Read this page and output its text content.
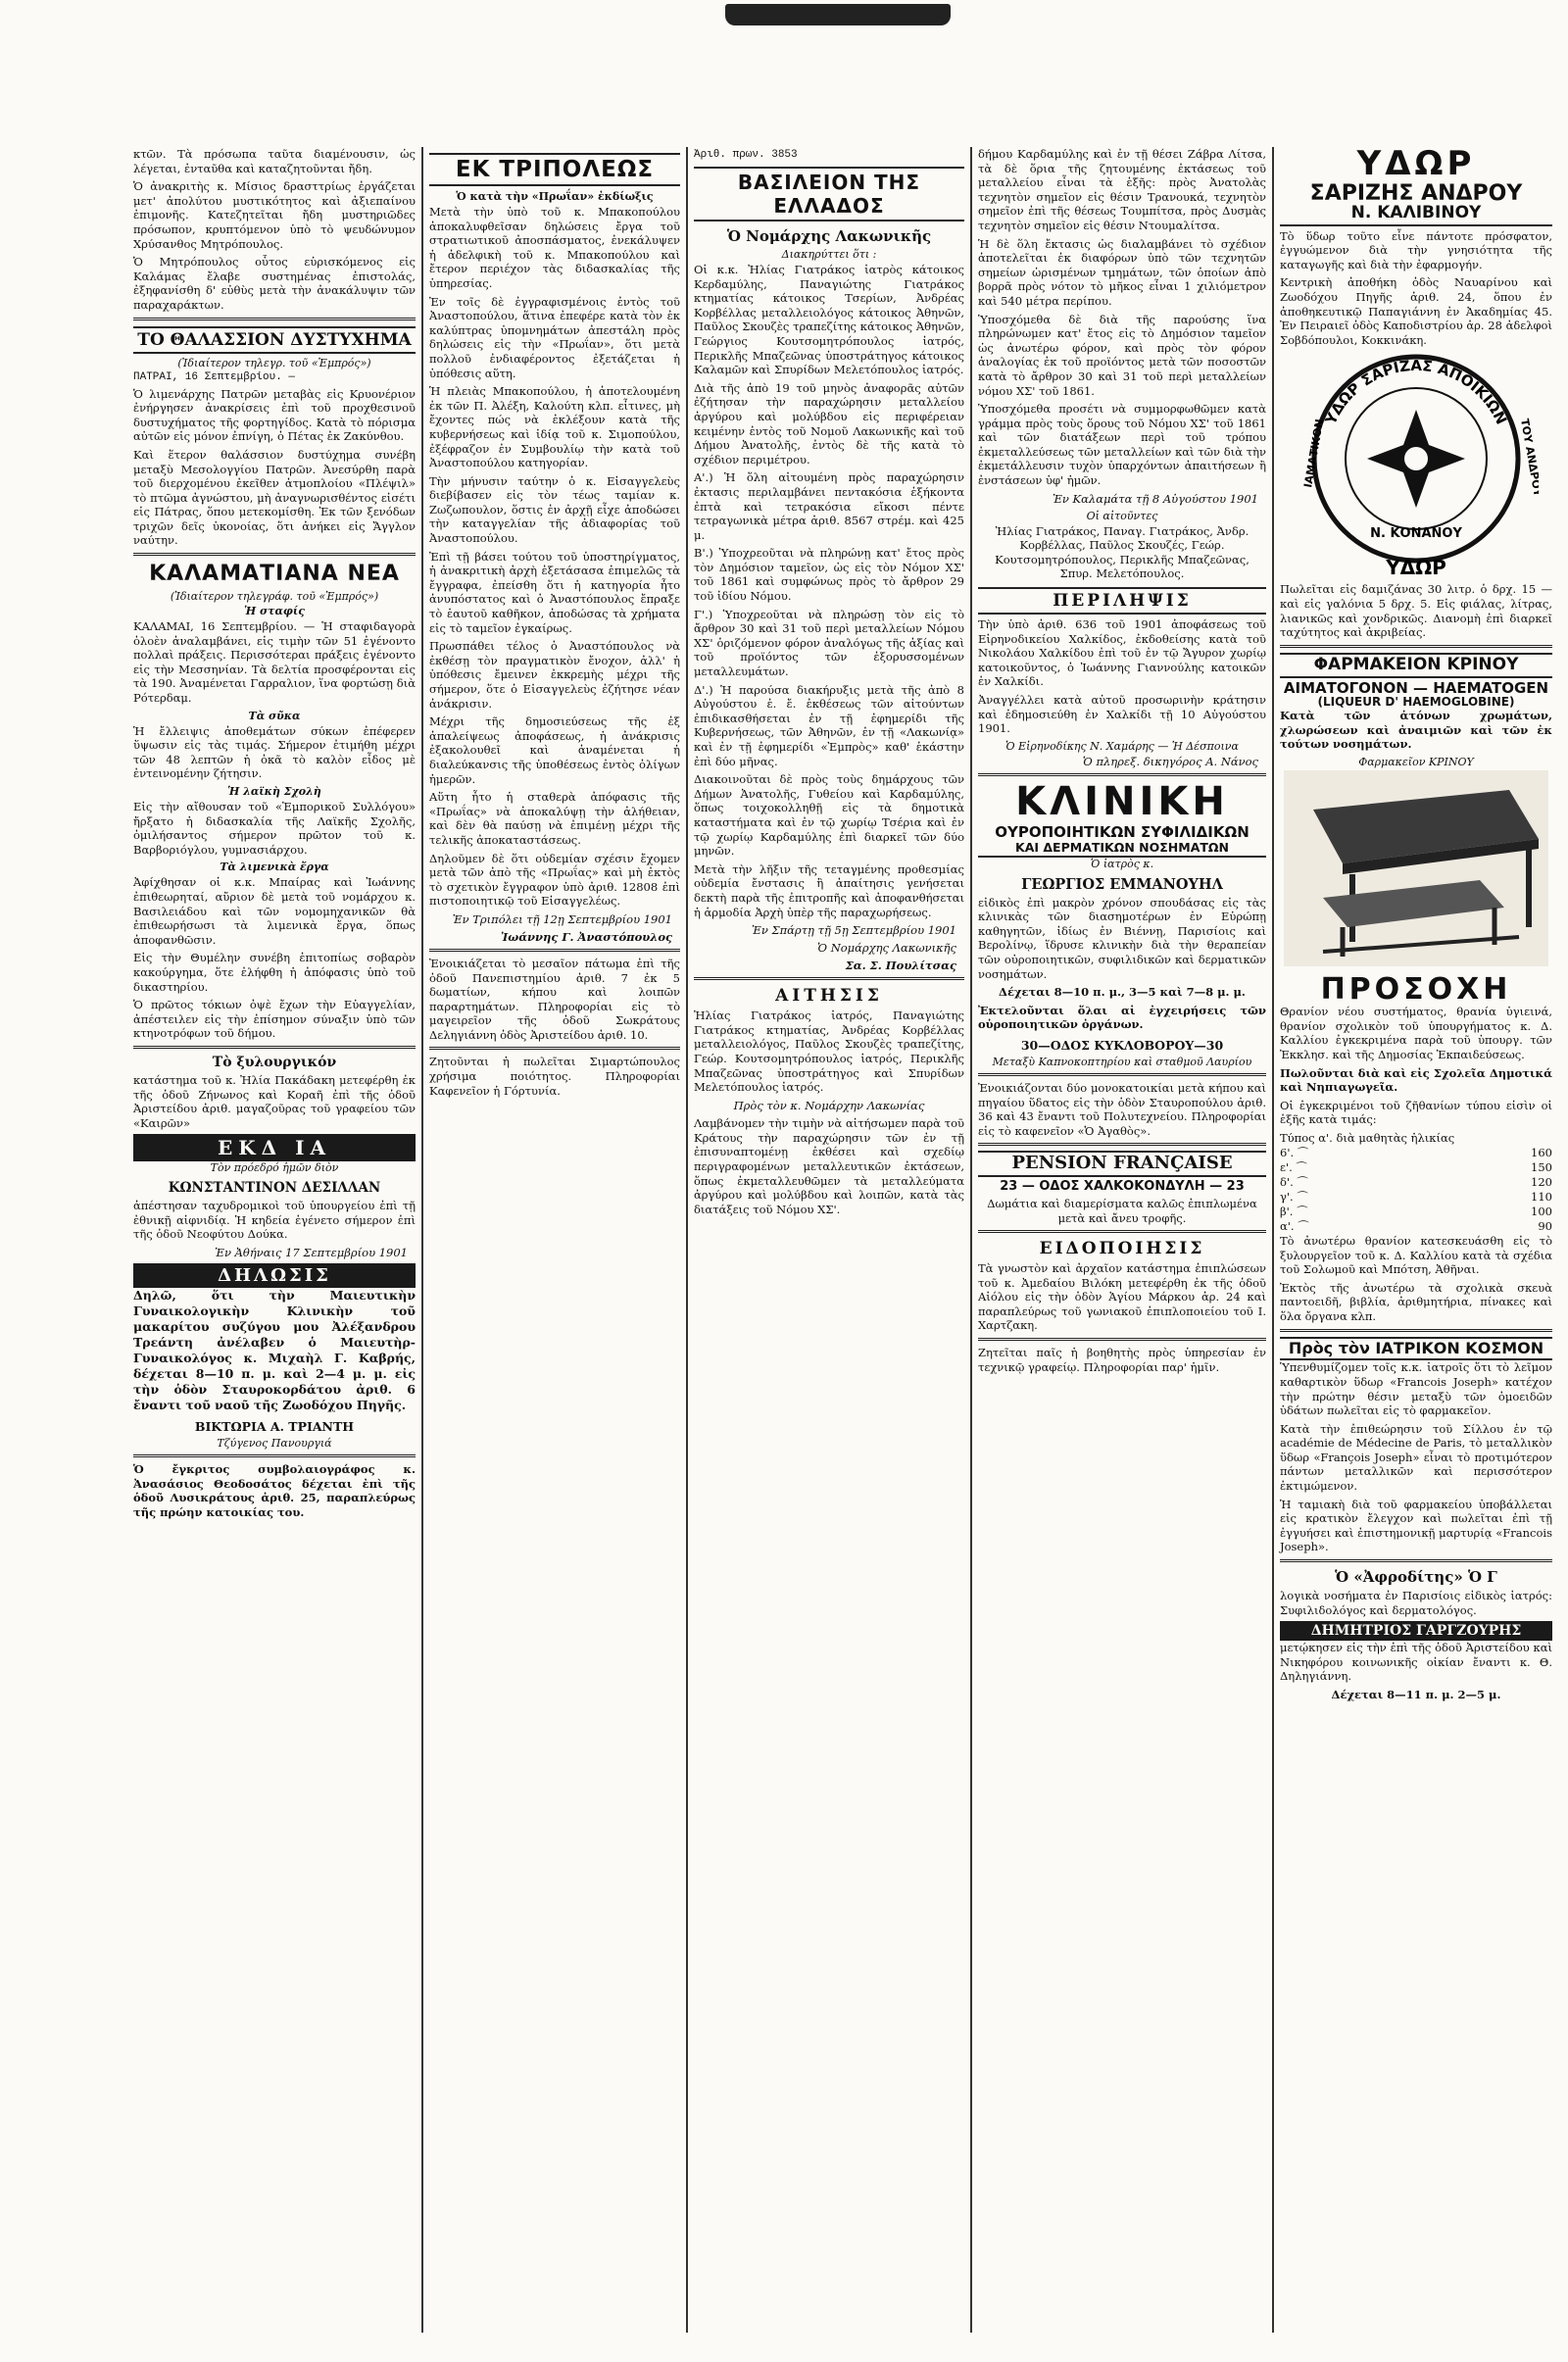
κτῶν. Τὰ πρόσωπα ταῦτα διαμένουσιν, ὡς λέγεται, ἐνταῦθα καὶ καταζητοῦνται ἤδη.

Ὁ ἀνακριτὴς κ. Μίσιος δρασττρίως ἐργάζεται μετ' ἀπολύτου μυστικότητος καὶ ἀξιεπαίνου ἐπιμονῆς. Κατεζητεῖται ἤδη μυστηριῶδες πρόσωπον, κρυπτόμενον ὑπὸ τὸ ψευδώνυμον Χρύσανθος Μητρόπουλος.

Ὁ Μητρόπουλος οὗτος εὑρισκόμενος εἰς Καλάμας ἔλαβε συστημένας ἐπιστολάς, ἐξηφανίσθη δ' εὐθὺς μετὰ τὴν ἀνακάλυψιν τῶν παραχαράκτων.

ΤΟ ΘΑΛΑΣΣΙΟΝ ΔΥΣΤΥΧΗΜΑ
(Ἰδιαίτερον τηλεγρ. τοῦ «Ἐμπρός»)
ΠΑΤΡΑΙ, 16 Σεπτεμβρίου. —

Ὁ λιμενάρχης Πατρῶν μεταβὰς εἰς Κρυονέριον ἐνήργησεν ἀνακρίσεις ἐπὶ τοῦ προχθεσινοῦ δυστυχήματος τῆς φορτηγίδος. Κατὰ τὸ πόρισμα αὐτῶν εἰς μόνον ἐπνίγη, ὁ Πέτας ἐκ Ζακύνθου.

Καὶ ἕτερον θαλάσσιον δυστύχημα συνέβη μεταξὺ Μεσολογγίου Πατρῶν. Ἀνεσύρθη παρὰ τοῦ διερχομένου ἐκεῖθεν ἀτμοπλοίου «Πλέψιλ» τὸ πτῶμα ἀγνώστου, μὴ ἀναγνωρισθέντος εἰσέτι εἰς Πάτρας, ὅπου μετεκομίσθη. Ἐκ τῶν ξενόδων τριχῶν δεῖς ὑκονοίας, ὅτι ἀνήκει εἰς Ἄγγλον ναύτην.

ΚΑΛΑΜΑΤΙΑΝΑ ΝΕΑ
(Ἰδιαίτερον τηλεγράφ. τοῦ «Ἐμπρός»)
Ἡ σταφίς

ΚΑΛΑΜΑΙ, 16 Σεπτεμβρίου. — Ἡ σταφιδαγορὰ ὁλοὲν ἀναλαμβάνει, εἰς τιμὴν τῶν 51 ἐγένοντο πολλαὶ πράξεις. Περισσότεραι πράξεις ἐγένοντο εἰς τὴν Μεσσηνίαν. Τὰ δελτία προσφέρονται εἰς τὰ 190. Ἀναμένεται Γαρραλιον, ἵνα φορτώσῃ διὰ Ρότερδαμ.

Τὰ σῦκα

Ἡ ἔλλειψις ἀποθεμάτων σύκων ἐπέφερεν ὕψωσιν εἰς τὰς τιμάς. Σήμερον ἐτιμήθη μέχρι τῶν 48 λεπτῶν ἡ ὀκᾶ τὸ καλὸν εἶδος μὲ ἐντεινομένην ζήτησιν.

Ἡ λαϊκὴ Σχολὴ

Εἰς τὴν αἴθουσαν τοῦ «Ἐμπορικοῦ Συλλόγου» ἤρξατο ἡ διδασκαλία τῆς Λαϊκῆς Σχολῆς, ὁμιλήσαντος σήμερον πρῶτον τοῦ κ. Βαρβοριόγλου, γυμνασιάρχου.

Τὰ λιμενικὰ ἔργα

Ἀφίχθησαν οἱ κ.κ. Μπαίρας καὶ Ἰωάννης ἐπιθεωρηταί, αὔριον δὲ μετὰ τοῦ νομάρχου κ. Βασιλειάδου καὶ τῶν νομομηχανικῶν θὰ ἐπιθεωρήσωσι τὰ λιμενικὰ ἔργα, ὅπως ἀποφανθῶσιν.

Εἰς τὴν Θυμέλην συνέβη ἐπιτοπίως σοβαρὸν κακούργημα, ὅτε ἐλήφθη ἡ ἀπόφασις ὑπὸ τοῦ δικαστηρίου.

Ὁ πρῶτος τόκιων ὀψὲ ἔχων τὴν Εὐαγγελίαν, ἀπέστειλεν εἰς τὴν ἐπίσημον σύναξιν ὑπὸ τῶν κτηνοτρόφων τοῦ δήμου.

Τὸ ξυλουργικόν

κατάστημα τοῦ κ. Ἠλία Πακάδακη μετεφέρθη ἐκ τῆς ὁδοῦ Ζήνωνος καὶ Κοραῆ ἐπὶ τῆς ὁδοῦ Ἀριστείδου ἀριθ. μαγαζοῦρας τοῦ γραφείου τῶν «Καιρῶν»

ΕΚΔ ΙΑ
Τὸν πρόεδρό ἡμῶν διὸν
ΚΩΝΣΤΑΝΤΙΝΟΝ ΔΕΣΙΛΛΑΝ

ἀπέστησαν ταχυδρομικοὶ τοῦ ὑπουργείου ἐπὶ τῇ ἐθνικῇ αἰφνιδίᾳ. Ἡ κηδεία ἐγένετο σήμερον ἐπὶ τῆς ὁδοῦ Νεοφύτου Δούκα.

Ἐν Ἀθήναις 17 Σεπτεμβρίου 1901
ΔΗΛΩΣΙΣ

Δηλῶ, ὅτι τὴν Μαιευτικὴν Γυναικολογικὴν Κλινικὴν τοῦ μακαρίτου συζύγου μου Ἀλέξανδρου Τρεάντη ἀνέλαβεν ὁ Μαιευτὴρ-Γυναικολόγος κ. Μιχαὴλ Γ. Καβρής, δέχεται 8—10 π. μ. καὶ 2—4 μ. μ. εἰς τὴν ὁδὸν Σταυροκορδάτου ἀριθ. 6 ἔναντι τοῦ ναοῦ τῆς Ζωοδόχου Πηγῆς.

ΒΙΚΤΩΡΙΑ Α. ΤΡΙΑΝΤΗ
Τζύγενος Πανουργιά

Ὁ ἔγκριτος συμβολαιογράφος κ. Ἀνασάσιος Θεοδοσάτος δέχεται ἐπὶ τῆς ὁδοῦ Λυσικράτους ἀριθ. 25, παραπλεύρως τῆς πρώην κατοικίας του.

ΕΚ ΤΡΙΠΟΛΕΩΣ
Ὁ κατὰ τὴν «Πρωΐαν» ἐκδίωξις

Μετὰ τὴν ὑπὸ τοῦ κ. Μπακοπούλου ἀποκαλυφθεῖσαν δηλώσεις ἔργα τοῦ στρατιωτικοῦ ἀποσπάσματος, ἐνεκάλυψεν ἡ ἀδελφικὴ τοῦ κ. Μπακοπούλου καὶ ἔτερον περιέχον τὰς διδασκαλίας τῆς ὑπηρεσίας.

Ἐν τοῖς δὲ ἐγγραφισμένοις ἐντὸς τοῦ Ἀναστοπούλου, ἅτινα ἐπεφέρε κατὰ τὸν ἐκ καλύπτρας ὑπομνημάτων ἀπεστάλη πρὸς δηλώσεις εἰς τὴν «Πρωΐαν», ὅτι μετὰ πολλοῦ ἐνδιαφέροντος ἐξετάζεται ἡ ὑπόθεσις αὕτη.

Ἡ πλειὰς Μπακοπούλου, ἡ ἀποτελουμένη ἐκ τῶν Π. Ἀλέξη, Καλούτη κλπ. εἶτινες, μὴ ἔχοντες πώς νὰ ἐκλέξουν κατὰ τῆς κυβερνήσεως καὶ ἰδίᾳ τοῦ κ. Σιμοπούλου, ἐξέφραζον ἐν Συμβουλίῳ τὴν κατὰ τοῦ Ἀναστοπούλου κατηγορίαν.

Τὴν μήνυσιν ταύτην ὁ κ. Εἰσαγγελεὺς διεβίβασεν εἰς τὸν τέως ταμίαν κ. Ζωζωπουλον, ὅστις ἐν ἀρχῇ εἶχε ἀποδώσει τὴν καταγγελίαν τῆς ἀδιαφορίας τοῦ Ἀναστοπούλου.

Ἐπὶ τῇ βάσει τούτου τοῦ ὑποστηρίγματος, ἡ ἀνακριτικὴ ἀρχὴ ἐξετάσασα ἐπιμελῶς τὰ ἔγγραφα, ἐπείσθη ὅτι ἡ κατηγορία ἦτο ἀνυπόστατος καὶ ὁ Ἀναστόπουλος ἔπραξε τὸ ἑαυτοῦ καθῆκον, ἀποδώσας τὰ χρήματα εἰς τὸ ταμεῖον ἐγκαίρως.

Πρωσπάθει τέλος ὁ Ἀναστόπουλος νὰ ἐκθέσῃ τὸν πραγματικὸν ἔνοχον, ἀλλ' ἡ ὑπόθεσις ἔμεινεν ἐκκρεμὴς μέχρι τῆς σήμερον, ὅτε ὁ Εἰσαγγελεὺς ἐζήτησε νέαν ἀνάκρισιν.

Μέχρι τῆς δημοσιεύσεως τῆς ἐξ ἀπαλείψεως ἀποφάσεως, ἡ ἀνάκρισις ἐξακολουθεῖ καὶ ἀναμένεται ἡ διαλεύκανσις τῆς ὑποθέσεως ἐντὸς ὀλίγων ἡμερῶν.

Αὕτη ἦτο ἡ σταθερὰ ἀπόφασις τῆς «Πρωΐας» νὰ ἀποκαλύψῃ τὴν ἀλήθειαν, καὶ δὲν θὰ παύσῃ νὰ ἐπιμένῃ μέχρι τῆς τελικῆς ἀποκαταστάσεως.

Δηλοῦμεν δὲ ὅτι οὐδεμίαν σχέσιν ἔχομεν μετὰ τῶν ἀπὸ τῆς «Πρωΐας» καὶ μὴ ἐκτὸς τὸ σχετικὸν ἔγγραφον ὑπὸ ἀριθ. 12808 ἐπὶ πιστοποιητικῷ τοῦ Εἰσαγγελέως.

Ἐν Τριπόλει τῇ 12ῃ Σεπτεμβρίου 1901
Ἰωάννης Γ. Ἀναστόπουλος

Ἐνοικιάζεται τὸ μεσαῖον πάτωμα ἐπὶ τῆς ὁδοῦ Πανεπιστημίου ἀριθ. 7 ἐκ 5 δωματίων, κήπου καὶ λοιπῶν παραρτημάτων. Πληροφορίαι εἰς τὸ μαγειρεῖον τῆς ὁδοῦ Σωκράτους Δεληγιάννη ὁδὸς Ἀριστείδου ἀριθ. 10.

Ζητοῦνται ἡ πωλεῖται Σιμαρτώπουλος χρήσιμα ποιότητος. Πληροφορίαι Καφενεῖον ἡ Γόρτυνία.

Ἀριθ. πρων. 3853
ΒΑΣΙΛΕΙΟΝ ΤΗΣ ΕΛΛΑΔΟΣ
Ὁ Νομάρχης Λακωνικῆς
Διακηρύττει ὅτι :

Οἱ κ.κ. Ἠλίας Γιατράκος ἰατρὸς κάτοικος Κερδαμύλης, Παναγιώτης Γιατράκος κτηματίας κάτοικος Τσερίων, Ἀνδρέας Κορβέλλας μεταλλειολόγος κάτοικος Ἀθηνῶν, Παῦλος Σκουζὲς τραπεζίτης κάτοικος Ἀθηνῶν, Γεώργιος Κουτσομητρόπουλος ἰατρός, Περικλῆς Μπαζεῶνας ὑποστράτηγος κάτοικος Καλαμῶν καὶ Σπυρίδων Μελετόπουλος ἰατρός.

Διὰ τῆς ἀπὸ 19 τοῦ μηνὸς ἀναφορᾶς αὐτῶν ἐζήτησαν τὴν παραχώρησιν μεταλλείου ἀργύρου καὶ μολύβδου εἰς περιφέρειαν κειμένην ἐντὸς τοῦ Νομοῦ Λακωνικῆς καὶ τοῦ Δήμου Ἀνατολῆς, ἐντὸς δὲ τῆς κατὰ τὸ σχέδιον περιμέτρου.

Α'.) Ἡ ὅλη αἰτουμένη πρὸς παραχώρησιν ἐκτασις περιλαμβάνει πεντακόσια ἑξήκοντα ἐπτὰ καὶ τετρακόσια εἴκοσι πέντε τετραγωνικὰ μέτρα ἀριθ. 8567 στρέμ. καὶ 425 μ.

Β'.) Ὑποχρεοῦται νὰ πληρώνῃ κατ' ἔτος πρὸς τὸν Δημόσιον ταμεῖον, ὡς εἰς τὸν Νόμον ΧΣ' τοῦ 1861 καὶ συμφώνως πρὸς τὸ ἄρθρον 29 τοῦ ἰδίου Νόμου.

Γ'.) Ὑποχρεοῦται νὰ πληρώσῃ τὸν εἰς τὸ ἄρθρον 30 καὶ 31 τοῦ περὶ μεταλλείων Νόμου ΧΣ' ὁριζόμενον φόρον ἀναλόγως τῆς ἀξίας καὶ τοῦ προϊόντος τῶν ἐξορυσσομένων μεταλλευμάτων.

Δ'.) Ἡ παρούσα διακήρυξις μετὰ τῆς ἀπὸ 8 Αὐγούστου ἐ. ἔ. ἐκθέσεως τῶν αἰτούντων ἐπιδικασθήσεται ἐν τῇ ἐφημερίδι τῆς Κυβερνήσεως, τῶν Ἀθηνῶν, ἐν τῇ «Λακωνίᾳ» καὶ ἐν τῇ ἐφημερίδι «Ἐμπρὸς» καθ' ἑκάστην ἐπὶ δύο μῆνας.

Διακοινοῦται δὲ πρὸς τοὺς δημάρχους τῶν Δήμων Ἀνατολῆς, Γυθείου καὶ Καρδαμύλης, ὅπως τοιχοκολληθῇ εἰς τὰ δημοτικὰ καταστήματα καὶ ἐν τῷ χωρίῳ Τσέρια καὶ ἐν τῷ χωρίῳ Καρδαμύλης ἐπὶ διαρκεῖ τῶν δύο μηνῶν.

Μετὰ τὴν λῆξιν τῆς τεταγμένης προθεσμίας οὐδεμία ἔνστασις ἢ ἀπαίτησις γενήσεται δεκτὴ παρὰ τῆς ἐπιτροπῆς καὶ ἀποφανθήσεται ἡ ἁρμοδία Ἀρχὴ ὑπὲρ τῆς παραχωρήσεως.

Ἐν Σπάρτῃ τῇ 5ῃ Σεπτεμβρίου 1901
Ὁ Νομάρχης Λακωνικῆς
Σα. Σ. Πουλίτσας
ΑΙΤΗΣΙΣ

Ἠλίας Γιατράκος ἰατρός, Παναγιώτης Γιατράκος κτηματίας, Ἀνδρέας Κορβέλλας μεταλλειολόγος, Παῦλος Σκουζὲς τραπεζίτης, Γεώρ. Κουτσομητρόπουλος ἰατρός, Περικλῆς Μπαζεῶνας ὑποστράτηγος καὶ Σπυρίδων Μελετόπουλος ἰατρός.

Πρὸς τὸν κ. Νομάρχην Λακωνίας

Λαμβάνομεν τὴν τιμὴν νὰ αἰτήσωμεν παρὰ τοῦ Κράτους τὴν παραχώρησιν τῶν ἐν τῇ ἐπισυναπτομένῃ ἐκθέσει καὶ σχεδίῳ περιγραφομένων μεταλλευτικῶν ἐκτάσεων, ὅπως ἐκμεταλλευθῶμεν τὰ μεταλλεύματα ἀργύρου καὶ μολύβδου καὶ λοιπῶν, κατὰ τὰς διατάξεις τοῦ Νόμου ΧΣ'.

δήμου Καρδαμύλης καὶ ἐν τῇ θέσει Ζάβρα Λίτσα, τὰ δὲ ὅρια τῆς ζητουμένης ἐκτάσεως τοῦ μεταλλείου εἶναι τὰ ἑξῆς: πρὸς Ἀνατολὰς τεχνητὸν σημεῖον εἰς θέσιν Τρανουκά, τεχνητὸν σημεῖον ἐπὶ τῆς θέσεως Τουμπίτσα, πρὸς Δυσμὰς τεχνητὸν σημεῖον εἰς θέσιν Ντουμαλίτσα.

Ἡ δὲ ὅλη ἔκτασις ὡς διαλαμβάνει τὸ σχέδιον ἀποτελεῖται ἐκ διαφόρων ὑπὸ τῶν τεχνητῶν σημείων ὡρισμένων τμημάτων, τῶν ὁποίων ἀπὸ βορρᾶ πρὸς νότον τὸ μῆκος εἶναι 1 χιλιόμετρον καὶ 540 μέτρα περίπου.

Ὑποσχόμεθα δὲ διὰ τῆς παρούσης ἵνα πληρώνωμεν κατ' ἔτος εἰς τὸ Δημόσιον ταμεῖον ὡς ἀνωτέρω φόρον, καὶ πρὸς τὸν φόρον ἀναλογίας ἐκ τοῦ προϊόντος μετὰ τῶν ποσοστῶν κατὰ τὸ ἄρθρον 30 καὶ 31 τοῦ περὶ μεταλλείων νόμου ΧΣ' τοῦ 1861.

Ὑποσχόμεθα προσέτι νὰ συμμορφωθῶμεν κατὰ γράμμα πρὸς τοὺς ὅρους τοῦ Νόμου ΧΣ' τοῦ 1861 καὶ τῶν διατάξεων περὶ τοῦ τρόπου ἐκμεταλλεύσεως τῶν μεταλλείων καὶ τῶν διὰ τὴν ἐκμετάλλευσιν τυχὸν ὑπαρχόντων ἀπαιτήσεων ἢ ἐνστάσεων ὑφ' ἡμῶν.

Ἐν Καλαμάτα τῇ 8 Αὐγούστου 1901
Οἱ αἰτοῦντες

Ἠλίας Γιατράκος, Παναγ. Γιατράκος, Ἀνδρ. Κορβέλλας, Παῦλος Σκουζές, Γεώρ. Κουτσομητρόπουλος, Περικλῆς Μπαζεῶνας, Σπυρ. Μελετόπουλος.

ΠΕΡΙΛΗΨΙΣ

Τὴν ὑπὸ ἀριθ. 636 τοῦ 1901 ἀποφάσεως τοῦ Εἰρηνοδικείου Χαλκίδος, ἐκδοθείσης κατὰ τοῦ Νικολάου Χαλκίδου ἐπὶ τοῦ ἐν τῷ Ἄγυρον χωρίῳ κατοικοῦντος, ὁ Ἰωάννης Γιαννούλης κατοικῶν ἐν Χαλκίδι.

Ἀναγγέλλει κατὰ αὐτοῦ προσωρινὴν κράτησιν καὶ ἐδημοσιεύθη ἐν Χαλκίδι τῇ 10 Αὐγούστου 1901.

Ὁ Εἰρηνοδίκης Ν. Χαμάρης — Ἡ Δέσποινα
Ὁ πληρεξ. δικηγόρος Α. Νάνος
ΚΛΙΝΙΚΗ
ΟΥΡΟΠΟΙΗΤΙΚΩΝ ΣΥΦΙΛΙΔΙΚΩΝ
ΚΑΙ ΔΕΡΜΑΤΙΚΩΝ ΝΟΣΗΜΑΤΩΝ
Ὁ ἰατρὸς κ.
ΓΕΩΡΓΙΟΣ ΕΜΜΑΝΟΥΗΛ

εἰδικὸς ἐπὶ μακρὸν χρόνον σπουδάσας εἰς τὰς κλινικὰς τῶν διασημοτέρων ἐν Εὐρώπῃ καθηγητῶν, ἰδίως ἐν Βιέννῃ, Παρισίοις καὶ Βερολίνῳ, ἵδρυσε κλινικὴν διὰ τὴν θεραπείαν τῶν οὐροποιητικῶν, συφιλιδικῶν καὶ δερματικῶν νοσημάτων.

Δέχεται 8—10 π. μ., 3—5 καὶ 7—8 μ. μ.

Ἐκτελοῦνται ὅλαι αἱ ἐγχειρήσεις τῶν οὐροποιητικῶν ὀργάνων.

30—ΟΔΟΣ ΚΥΚΛΟΒΟΡΟΥ—30
Μεταξὺ Καπνοκοπτηρίου καὶ σταθμοῦ Λαυρίου

Ἐνοικιάζονται δύο μονοκατοικίαι μετὰ κήπου καὶ πηγαίου ὕδατος εἰς τὴν ὁδὸν Σταυροπούλου ἀριθ. 36 καὶ 43 ἔναντι τοῦ Πολυτεχνείου. Πληροφορίαι εἰς τὸ καφενεῖον «Ὁ Ἀγαθὸς».

PENSION FRANÇAISE
23 — ΟΔΟΣ ΧΑΛΚΟΚΟΝΔΥΛΗ — 23

Δωμάτια καὶ διαμερίσματα καλῶς ἐπιπλωμένα μετὰ καὶ ἄνευ τροφῆς.

ΕΙΔΟΠΟΙΗΣΙΣ

Τὰ γνωστὸν καὶ ἀρχαῖον κατάστημα ἐπιπλώσεων τοῦ κ. Ἀμεδαίου Βιλόκη μετεφέρθη ἐκ τῆς ὁδοῦ Αἰόλου εἰς τὴν ὁδὸν Ἁγίου Μάρκου ἀρ. 24 καὶ παραπλεύρως τοῦ γωνιακοῦ ἐπιπλοποιείου τοῦ Ι. Χαρτζακη.

Ζητεῖται παῖς ἡ βοηθητὴς πρὸς ὑπηρεσίαν ἐν τεχνικῷ γραφείῳ. Πληροφορίαι παρ' ἡμῖν.

ΥΔΩΡ
ΣΑΡΙΖΗΣ ΑΝΔΡΟΥ
Ν. ΚΑΛΙΒΙΝΟΥ

Τὸ ὕδωρ τοῦτο εἶνε πάντοτε πρόσφατον, ἐγγυώμενον διὰ τὴν γνησιότητα τῆς καταγωγῆς καὶ διὰ τὴν ἐφαρμογήν.

Κεντρικὴ ἀποθήκη ὁδὸς Ναυαρίνου καὶ Ζωοδόχου Πηγῆς ἀριθ. 24, ὅπου ἐν ἀποθηκευτικῷ Παπαγιάννη ἐν Ἀκαδημίας 45. Ἐν Πειραιεῖ ὁδὸς Καποδιστρίου ἀρ. 28 ἀδελφοὶ Σοβδόπουλοι, Κοκκινάκη.

ΥΔΩΡ ΣΑΡΙΖΑΣ ΑΠΟΙΚΙΩΝ
Ν. ΚΟΝΑΝΟΥ
ΙΑΜΑΤΙΚΟΝ	ΤΟΥ ΑΝΔΡΟΥ
ΥΔΩΡ

Πωλεῖται εἰς δαμιζάνας 30 λιτρ. ὁ δρχ. 15 — καὶ εἰς γαλόνια 5 δρχ. 5. Εἰς φιάλας, λίτρας, λιανικῶς καὶ χονδρικῶς. Διανομὴ ἐπὶ διαρκεῖ ταχύτητος καὶ ἀκριβείας.

ΦΑΡΜΑΚΕΙΟΝ ΚΡΙΝΟΥ
ΑΙΜΑΤΟΓΟΝΟΝ — HAEMATOGEN
(LIQUEUR D' HAEMOGLOBINE)

Κατὰ τῶν ἀτόνων χρωμάτων, χλωρώσεων καὶ ἀναιμιῶν καὶ τῶν ἐκ τούτων νοσημάτων.

Φαρμακεῖον ΚΡΙΝΟΥ
ΠΡΟΣΟΧΗ

Θρανίον νέου συστήματος, θρανία ὑγιεινά, θρανίον σχολικὸν τοῦ ὑπουργήματος κ. Δ. Καλλίου ἐγκεκριμένα παρὰ τοῦ ὑπουργ. τῶν Ἐκκλησ. καὶ τῆς Δημοσίας Ἐκπαιδεύσεως.

Πωλοῦνται διὰ καὶ εἰς Σχολεῖα Δημοτικά καὶ Νηπιαγωγεῖα.

Οἱ ἐγκεκριμένοι τοῦ ζῆθανίων τύπου εἰσὶν οἱ ἑξῆς κατὰ τιμάς:

Τύπος α'. διὰ μαθητὰς ἡλικίας
6'. ⌒	160
ε'. ⌒	150
δ'. ⌒	120
γ'. ⌒	110
β'. ⌒	100
α'. ⌒	90

Τὸ ἀνωτέρω θρανίον κατεσκευάσθη εἰς τὸ ξυλουργεῖον τοῦ κ. Δ. Καλλίου κατὰ τὰ σχέδια τοῦ Σολωμοῦ καὶ Μπότση, Ἀθῆναι.

Ἐκτὸς τῆς ἀνωτέρω τὰ σχολικὰ σκευὰ παντοειδῆ, βιβλία, ἀριθμητήρια, πίνακες καὶ ὅλα ὄργανα κλπ.

Πρὸς τὸν ΙΑΤΡΙΚΟΝ ΚΟΣΜΟΝ

Ὑπενθυμίζομεν τοῖς κ.κ. ἰατροῖς ὅτι τὸ λεῖμον καθαρτικὸν ὕδωρ «Francois Joseph» κατέχον τὴν πρώτην θέσιν μεταξὺ τῶν ὁμοειδῶν ὑδάτων πωλεῖται εἰς τὸ φαρμακεῖον.

Κατὰ τὴν ἐπιθεώρησιν τοῦ Σίλλου ἐν τῷ académie de Médecine de Paris, τὸ μεταλλικὸν ὕδωρ «François Joseph» εἶναι τὸ προτιμότερον πάντων μεταλλικῶν καὶ περισσότερον ἐκτιμώμενον.

Ἡ ταμιακὴ διὰ τοῦ φαρμακείου ὑποβάλλεται εἰς κρατικὸν ἔλεγχον καὶ πωλεῖται ἐπὶ τῇ ἐγγυήσει καὶ ἐπιστημονικῇ μαρτυρίᾳ «Francois Joseph».

Ὁ «Ἀφροδίτης» Ὁ Γ

λογικὰ νοσήματα ἐν Παρισίοις εἰδικὸς ἰατρός: Συφιλιδολόγος καὶ δερματολόγος.

ΔΗΜΗΤΡΙΟΣ ΓΑΡΓΖΟΥΡΗΣ

μετῴκησεν εἰς τὴν ἐπὶ τῆς ὁδοῦ Ἀριστείδου καὶ Νικηφόρου κοινωνικῆς οἰκίαν ἔναντι κ. Θ. Δηληγιάννη.

Δέχεται 8—11 π. μ. 2—5 μ.
